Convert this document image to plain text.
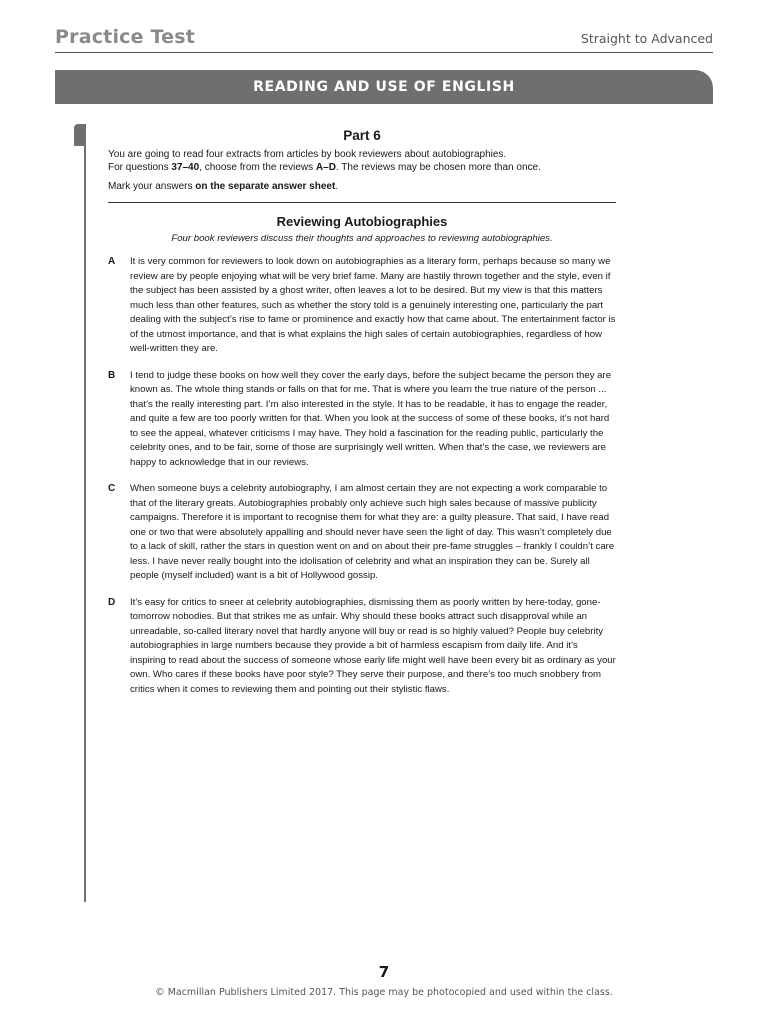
Practice Test	Straight to Advanced
READING AND USE OF ENGLISH
Part 6

You are going to read four extracts from articles by book reviewers about autobiographies.

For questions 37–40, choose from the reviews A–D. The reviews may be chosen more than once.

Mark your answers on the separate answer sheet.

Reviewing Autobiographies
Four book reviewers discuss their thoughts and approaches to reviewing autobiographies.
A	It is very common for reviewers to look down on autobiographies as a literary form, perhaps because so many we review are by people enjoying what will be very brief fame. Many are hastily thrown together and the style, even if the subject has been assisted by a ghost writer, often leaves a lot to be desired. But my view is that this matters much less than other features, such as whether the story told is a genuinely interesting one, particularly the part dealing with the subject’s rise to fame or prominence and exactly how that came about. The entertainment factor is of the utmost importance, and that is what explains the high sales of certain autobiographies, regardless of how well-written they are.
B	I tend to judge these books on how well they cover the early days, before the subject became the person they are known as. The whole thing stands or falls on that for me. That is where you learn the true nature of the person ... that’s the really interesting part. I’m also interested in the style. It has to be readable, it has to engage the reader, and quite a few are too poorly written for that. When you look at the success of some of these books, it’s not hard to see the appeal, whatever criticisms I may have. They hold a fascination for the reading public, particularly the celebrity ones, and to be fair, some of those are surprisingly well written. When that’s the case, we reviewers are happy to acknowledge that in our reviews.
C	When someone buys a celebrity autobiography, I am almost certain they are not expecting a work comparable to that of the literary greats. Autobiographies probably only achieve such high sales because of massive publicity campaigns. Therefore it is important to recognise them for what they are: a guilty pleasure. That said, I have read one or two that were absolutely appalling and should never have seen the light of day. This wasn’t completely due to a lack of skill, rather the stars in question went on and on about their pre-fame struggles – frankly I couldn’t care less. I have never really bought into the idolisation of celebrity and what an inspiration they can be. Surely all people (myself included) want is a bit of Hollywood gossip.
D	It’s easy for critics to sneer at celebrity autobiographies, dismissing them as poorly written by here-today, gone-tomorrow nobodies. But that strikes me as unfair. Why should these books attract such disapproval while an unreadable, so-called literary novel that hardly anyone will buy or read is so highly valued? People buy celebrity autobiographies in large numbers because they provide a bit of harmless escapism from daily life. And it’s inspiring to read about the success of someone whose early life might well have been every bit as ordinary as your own. Who cares if these books have poor style? They serve their purpose, and there’s too much snobbery from critics when it comes to reviewing them and pointing out their stylistic flaws.
7
© Macmillan Publishers Limited 2017. This page may be photocopied and used within the class.
